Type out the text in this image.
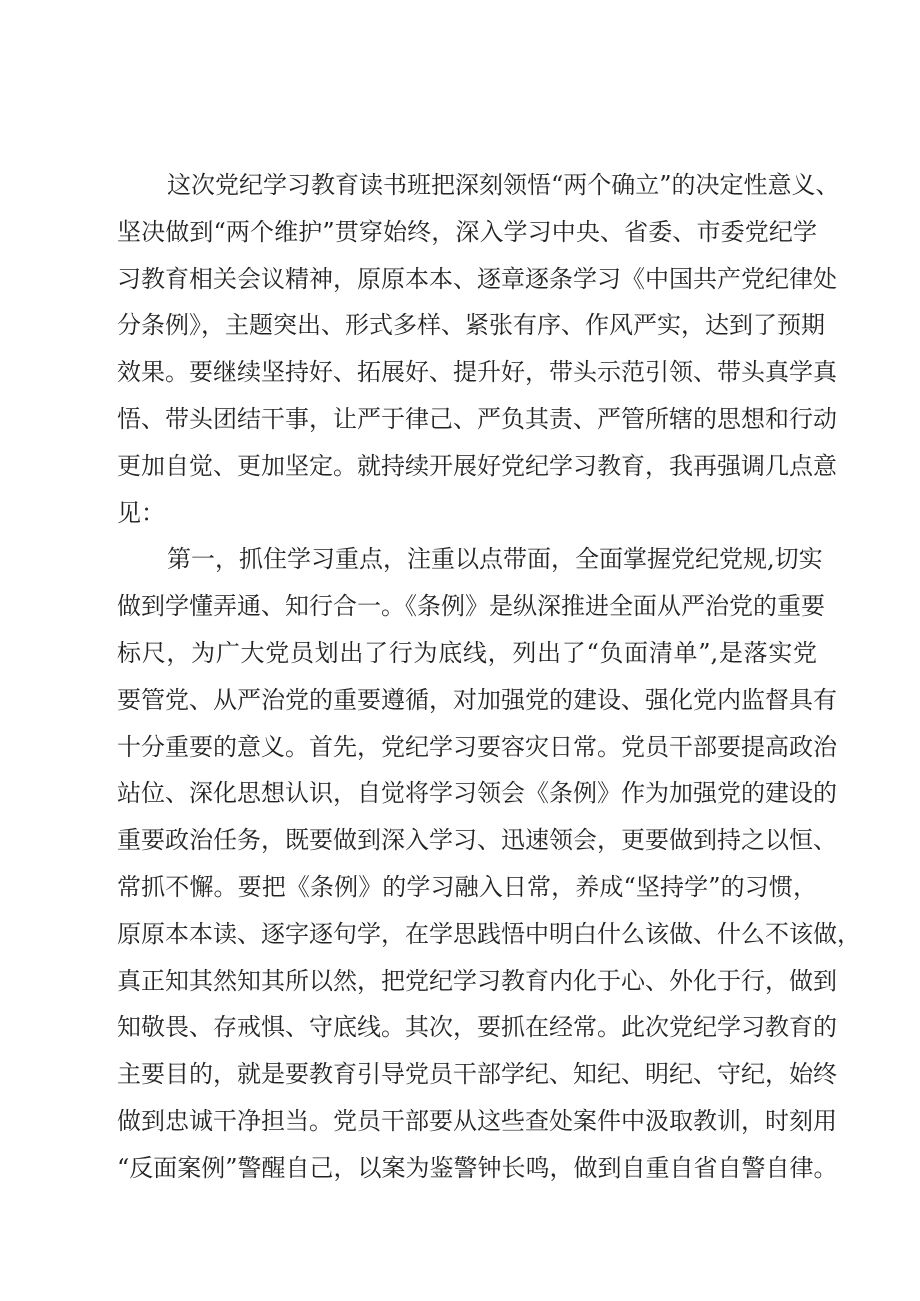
这次党纪学习教育读书班把深刻领悟“两个确立”的决定性意义、
坚决做到“两个维护”贯穿始终，深入学习中央、省委、市委党纪学
习教育相关会议精神，原原本本、逐章逐条学习《中国共产党纪律处
分条例》，主题突出、形式多样、紧张有序、作风严实，达到了预期
效果。要继续坚持好、拓展好、提升好，带头示范引领、带头真学真
悟、带头团结干事，让严于律己、严负其责、严管所辖的思想和行动
更加自觉、更加坚定。就持续开展好党纪学习教育，我再强调几点意
见：
第一，抓住学习重点，注重以点带面，全面掌握党纪党规,切实
做到学懂弄通、知行合一。《条例》是纵深推进全面从严治党的重要
标尺，为广大党员划出了行为底线，列出了“负面清单”,是落实党
要管党、从严治党的重要遵循，对加强党的建设、强化党内监督具有
十分重要的意义。首先，党纪学习要容灾日常。党员干部要提高政治
站位、深化思想认识，自觉将学习领会《条例》作为加强党的建设的
重要政治任务，既要做到深入学习、迅速领会，更要做到持之以恒、
常抓不懈。要把《条例》的学习融入日常，养成“坚持学”的习惯，
原原本本读、逐字逐句学，在学思践悟中明白什么该做、什么不该做，
真正知其然知其所以然，把党纪学习教育内化于心、外化于行，做到
知敬畏、存戒惧、守底线。其次，要抓在经常。此次党纪学习教育的
主要目的，就是要教育引导党员干部学纪、知纪、明纪、守纪，始终
做到忠诚干净担当。党员干部要从这些查处案件中汲取教训，时刻用
“反面案例”警醒自己，以案为鉴警钟长鸣，做到自重自省自警自律。
